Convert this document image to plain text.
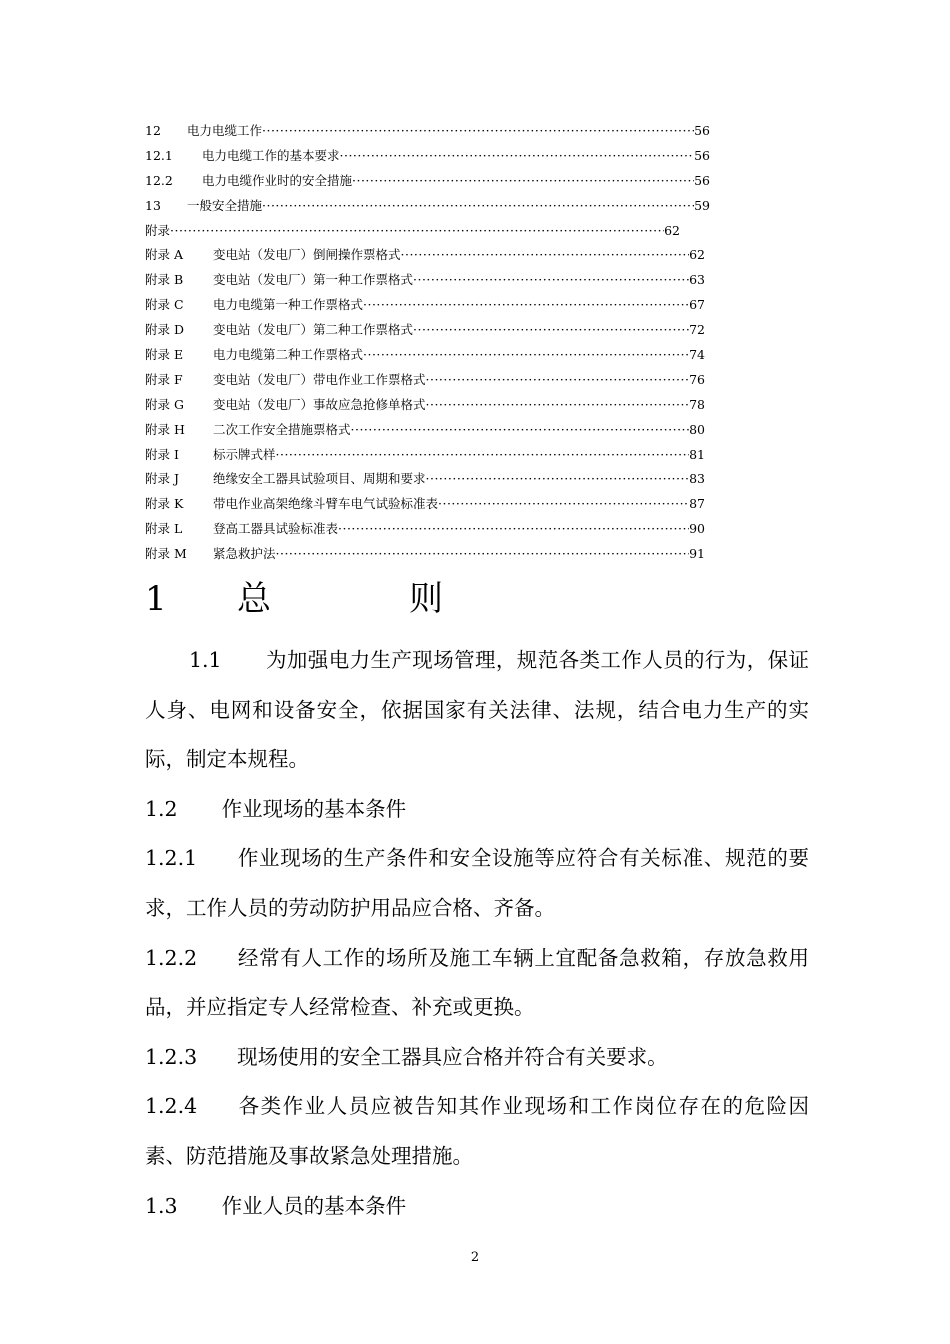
12 电力电缆工作 ·····	56
12.1 电力电缆工作的基本要求 ·····	56
12.2 电力电缆作业时的安全措施 ·····	56
13 一般安全措施 ·····	59
附录 ·····	62
附录 A 变电站（发电厂）倒闸操作票格式 ·····	62
附录 B 变电站（发电厂）第一种工作票格式 ·····	63
附录 C 电力电缆第一种工作票格式 ·····	67
附录 D 变电站（发电厂）第二种工作票格式 ·····	72
附录 E 电力电缆第二种工作票格式 ·····	74
附录 F 变电站（发电厂）带电作业工作票格式 ·····	76
附录 G 变电站（发电厂）事故应急抢修单格式 ·····	78
附录 H 二次工作安全措施票格式 ·····	80
附录 I	标示牌式样 ·····	81
附录 J	绝缘安全工器具试验项目、周期和要求 ·····	83
附录 K 带电作业高架绝缘斗臂车电气试验标准表 ·····	87
附录 L 登高工器具试验标准表 ·····	90
附录 M 紧急救护法 ·····	91
1 总	则

1.1 为加强电力生产现场管理，规范各类工作人员的行为，保证人身、电网和设备安全，依据国家有关法律、法规，结合电力生产的实际，制定本规程。

1.2 作业现场的基本条件

1.2.1 作业现场的生产条件和安全设施等应符合有关标准、规范的要求，工作人员的劳动防护用品应合格、齐备。

1.2.2 经常有人工作的场所及施工车辆上宜配备急救箱，存放急救用品，并应指定专人经常检查、补充或更换。

1.2.3 现场使用的安全工器具应合格并符合有关要求。

1.2.4 各类作业人员应被告知其作业现场和工作岗位存在的危险因素、防范措施及事故紧急处理措施。

1.3 作业人员的基本条件

2
